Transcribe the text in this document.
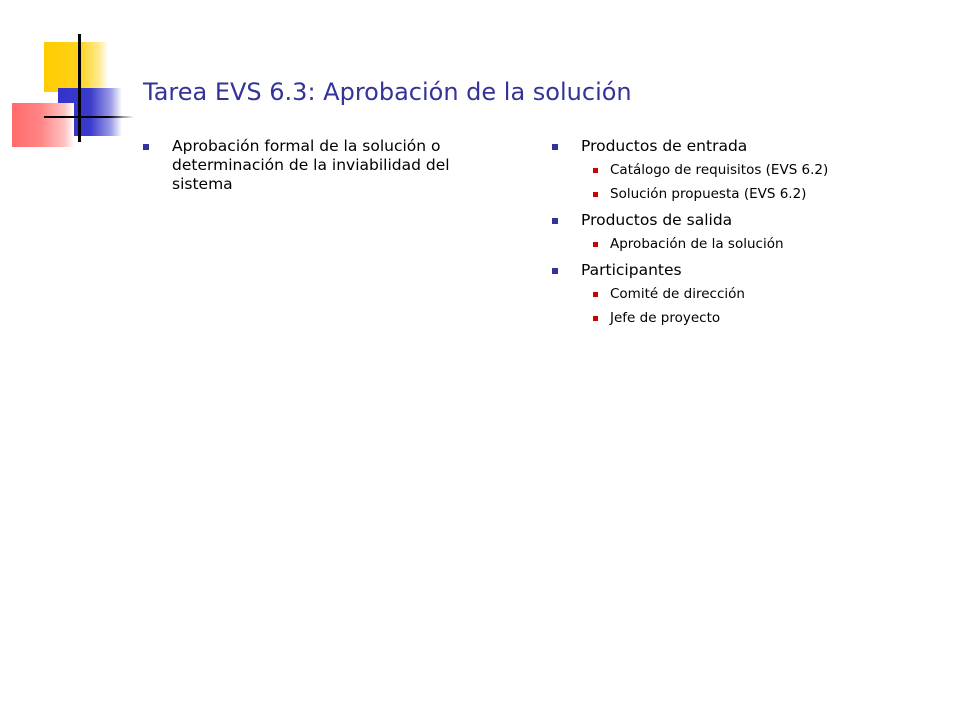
Tarea EVS 6.3: Aprobación de la solución
Aprobación formal de la solución o determinación de la inviabilidad del sistema
Productos de entrada
Catálogo de requisitos (EVS 6.2)
Solución propuesta (EVS 6.2)
Productos de salida
Aprobación de la solución
Participantes
Comité de dirección
Jefe de proyecto
